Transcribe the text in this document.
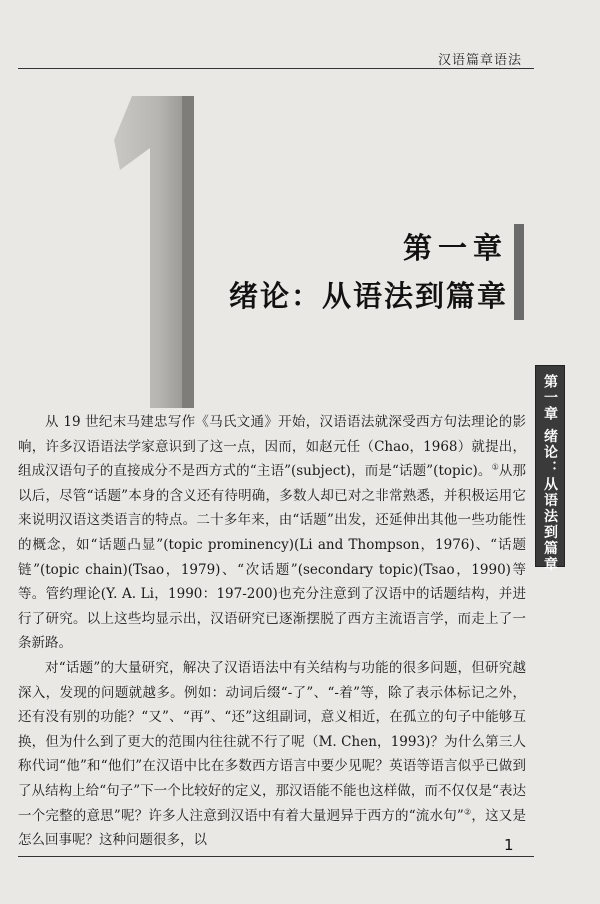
汉语篇章语法
1
第一章
绪论：从语法到篇章
第一章 绪论：从语法到篇章

从 19 世纪末马建忠写作《马氏文通》开始，汉语语法就深受西方句法理论的影响，许多汉语语法学家意识到了这一点，因而，如赵元任（Chao，1968）就提出，组成汉语句子的直接成分不是西方式的“主语”(subject)，而是“话题”(topic)。①从那以后，尽管“话题”本身的含义还有待明确，多数人却已对之非常熟悉，并积极运用它来说明汉语这类语言的特点。二十多年来，由“话题”出发，还延伸出其他一些功能性的概念，如“话题凸显”(topic prominency)(Li and Thompson，1976)、“话题链”(topic chain)(Tsao，1979)、“次话题”(secondary topic)(Tsao，1990)等等。管约理论(Y. A. Li，1990：197-200)也充分注意到了汉语中的话题结构，并进行了研究。以上这些均显示出，汉语研究已逐渐摆脱了西方主流语言学，而走上了一条新路。

对“话题”的大量研究，解决了汉语语法中有关结构与功能的很多问题，但研究越深入，发现的问题就越多。例如：动词后缀“-了”、“-着”等，除了表示体标记之外，还有没有别的功能？“又”、“再”、“还”这组副词，意义相近，在孤立的句子中能够互换，但为什么到了更大的范围内往往就不行了呢（M. Chen，1993)？为什么第三人称代词“他”和“他们”在汉语中比在多数西方语言中要少见呢？英语等语言似乎已做到了从结构上给“句子”下一个比较好的定义，那汉语能不能也这样做，而不仅仅是“表达一个完整的意思”呢？许多人注意到汉语中有着大量迥异于西方的“流水句”②，这又是怎么回事呢？这种问题很多，以	1
